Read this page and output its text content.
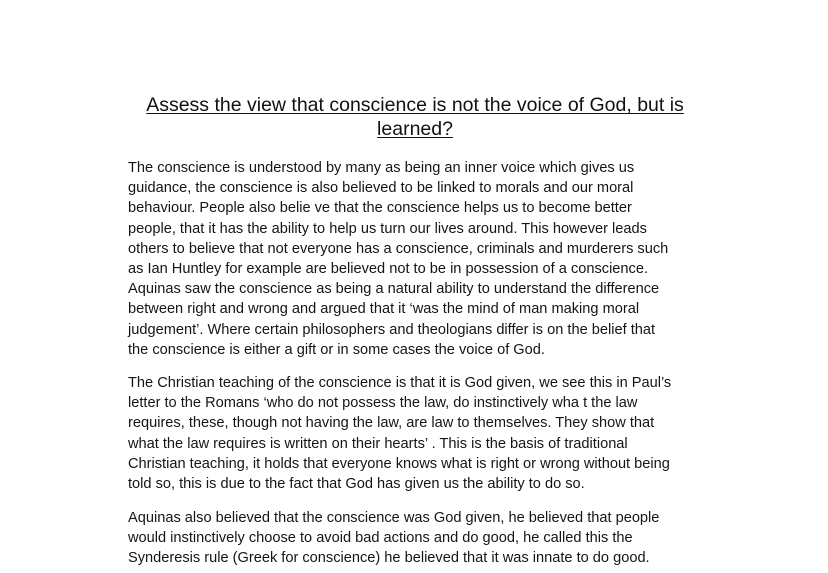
Assess the view that conscience is not the voice of God, but is
learned?
The conscience is understood by many as being an inner voice which gives us
guidance, the conscience is also believed to be linked to morals and our moral
behaviour. People also belie ve that the conscience helps us to become better
people, that it has the ability to help us turn our lives around. This however leads
others to believe that not everyone has a conscience, criminals and murderers such
as Ian Huntley for example are believed not to be in possession of a conscience.
Aquinas saw the conscience as being a natural ability to understand the difference
between right and wrong and argued that it ‘was the mind of man making moral
judgement’. Where certain philosophers and theologians differ is on the belief that
the conscience is either a gift or in some cases the voice of God.
The Christian teaching of the conscience is that it is God given, we see this in Paul’s
letter to the Romans ‘who do not possess the law, do instinctively wha t the law
requires, these, though not having the law, are law to themselves. They show that
what the law requires is written on their hearts’ . This is the basis of traditional
Christian teaching, it holds that everyone knows what is right or wrong without being
told so, this is due to the fact that God has given us the ability to do so.
Aquinas also believed that the conscience was God given, he believed that people
would instinctively choose to avoid bad actions and do good, he called this the
Synderesis rule (Greek for conscience) he believed that it was innate to do good.
